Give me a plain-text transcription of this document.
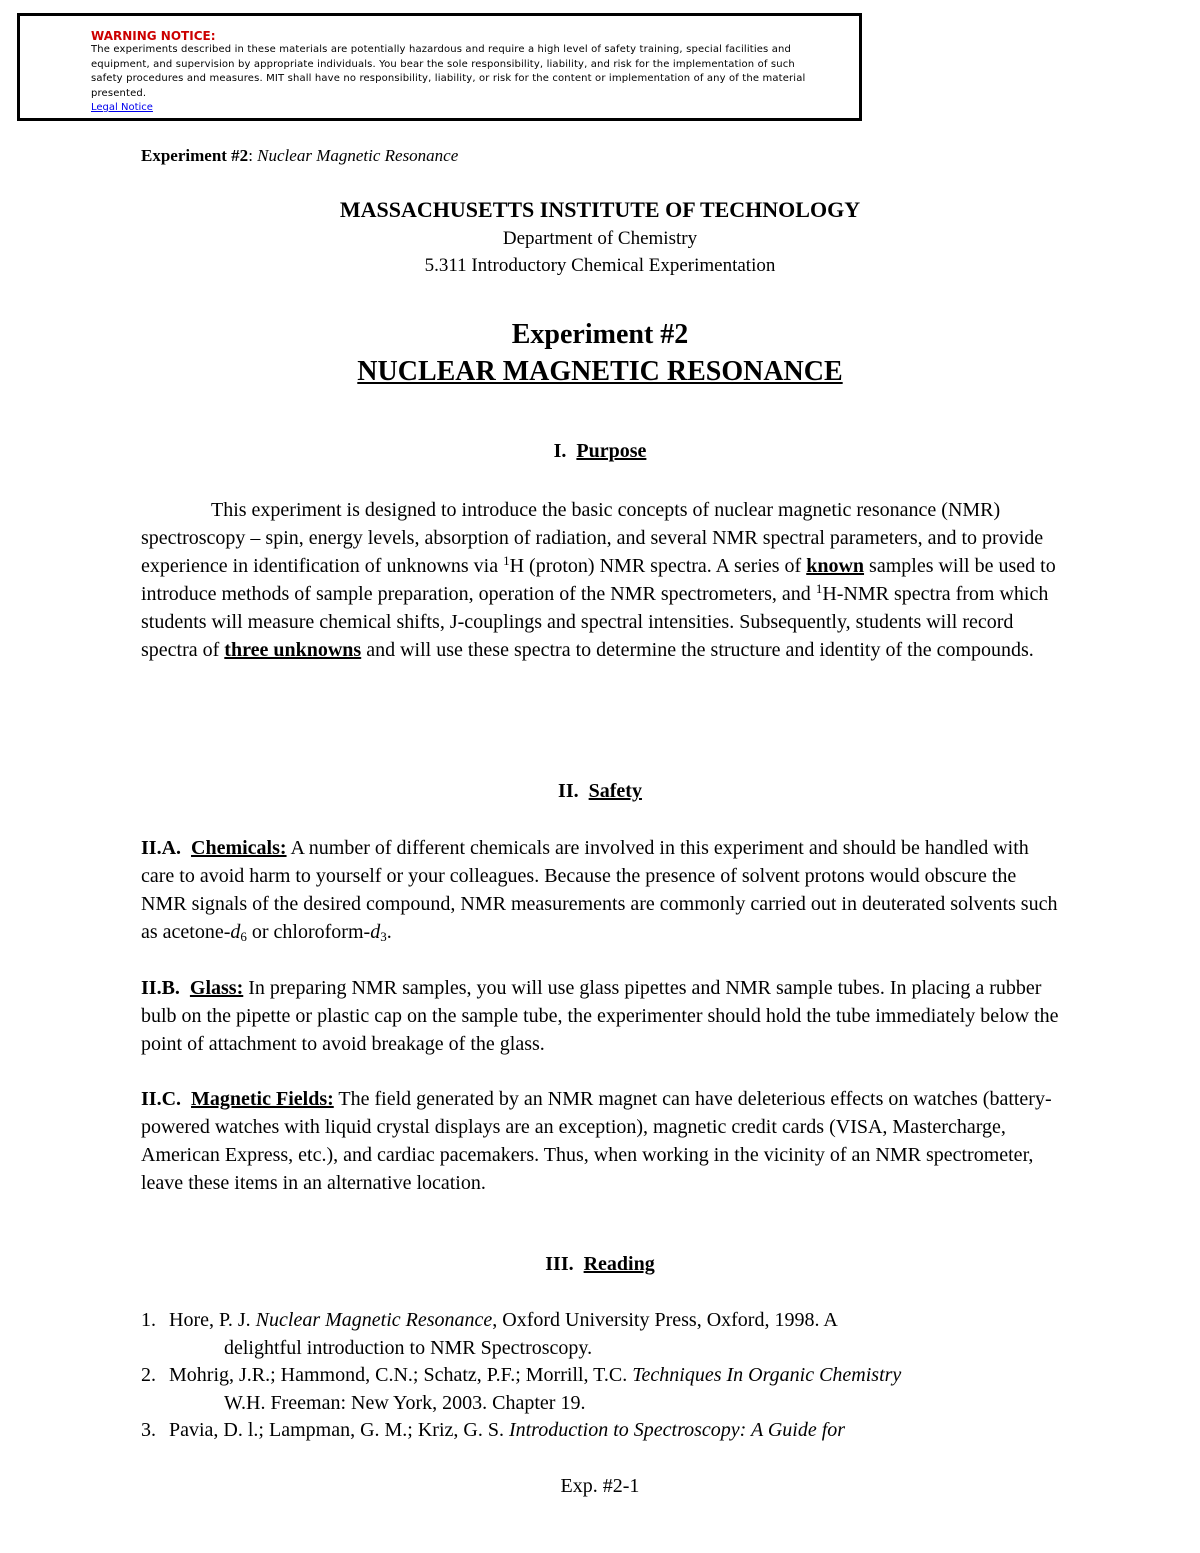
WARNING NOTICE:
The experiments described in these materials are potentially hazardous and require a high level of safety training, special facilities and equipment, and supervision by appropriate individuals. You bear the sole responsibility, liability, and risk for the implementation of such safety procedures and measures. MIT shall have no responsibility, liability, or risk for the content or implementation of any of the material presented.
Legal Notice
Experiment #2: Nuclear Magnetic Resonance
MASSACHUSETTS INSTITUTE OF TECHNOLOGY
Department of Chemistry
5.311 Introductory Chemical Experimentation
Experiment #2
NUCLEAR MAGNETIC RESONANCE
I. Purpose
This experiment is designed to introduce the basic concepts of nuclear magnetic resonance (NMR) spectroscopy – spin, energy levels, absorption of radiation, and several NMR spectral parameters, and to provide experience in identification of unknowns via $^1$H (proton) NMR spectra. A series of known samples will be used to introduce methods of sample preparation, operation of the NMR spectrometers, and $^1$H-NMR spectra from which students will measure chemical shifts, J-couplings and spectral intensities. Subsequently, students will record spectra of three unknowns and will use these spectra to determine the structure and identity of the compounds.
II. Safety
II.A. Chemicals: A number of different chemicals are involved in this experiment and should be handled with care to avoid harm to yourself or your colleagues. Because the presence of solvent protons would obscure the NMR signals of the desired compound, NMR measurements are commonly carried out in deuterated solvents such as acetone-$d_6$ or chloroform-$d_3$.
II.B. Glass: In preparing NMR samples, you will use glass pipettes and NMR sample tubes. In placing a rubber bulb on the pipette or plastic cap on the sample tube, the experimenter should hold the tube immediately below the point of attachment to avoid breakage of the glass.
II.C. Magnetic Fields: The field generated by an NMR magnet can have deleterious effects on watches (battery-powered watches with liquid crystal displays are an exception), magnetic credit cards (VISA, Mastercharge, American Express, etc.), and cardiac pacemakers. Thus, when working in the vicinity of an NMR spectrometer, leave these items in an alternative location.
III. Reading
1. Hore, P. J. Nuclear Magnetic Resonance, Oxford University Press, Oxford, 1998. A
delightful introduction to NMR Spectroscopy.
2. Mohrig, J.R.; Hammond, C.N.; Schatz, P.F.; Morrill, T.C. Techniques In Organic Chemistry
W.H. Freeman: New York, 2003. Chapter 19.
3. Pavia, D. l.; Lampman, G. M.; Kriz, G. S. Introduction to Spectroscopy: A Guide for
Exp. #2-1
